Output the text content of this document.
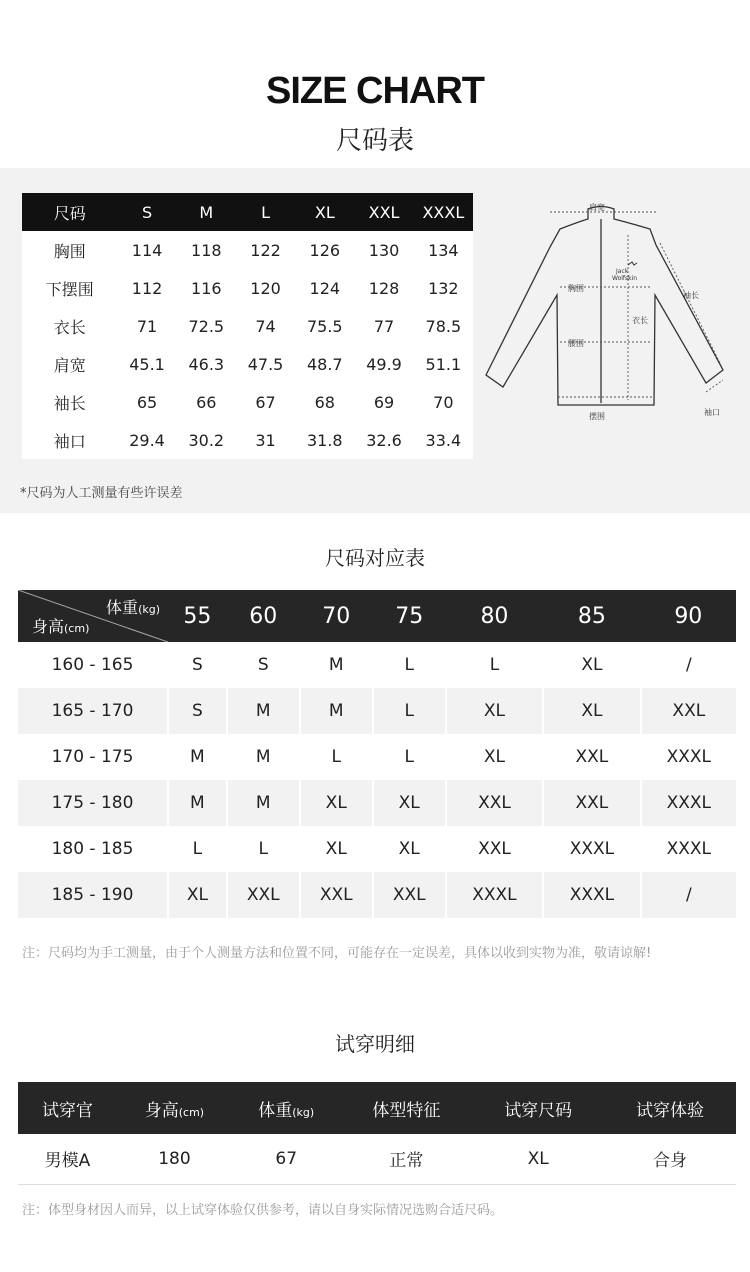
SIZE CHART
尺码表
尺码	S	M	L	XL	XXL	XXXL
胸围	114	118	122	126	130	134
下摆围	112	116	120	124	128	132
衣长	71	72.5	74	75.5	77	78.5
肩宽	45.1	46.3	47.5	48.7	49.9	51.1
袖长	65	66	67	68	69	70
袖口	29.4	30.2	31	31.8	32.6	33.4
*尺码为人工测量有些许误差
肩宽
胸围
腰围
衣长
袖长
摆围	袖口
Jack
Wolfskin
尺码对应表
体重(kg)
身高(cm)	55	60	70	75	80	85	90
160 - 165	S	S	M	L	L	XL	/
165 - 170	S	M	M	L	XL	XL	XXL
170 - 175	M	M	L	L	XL	XXL	XXXL
175 - 180	M	M	XL	XL	XXL	XXL	XXXL
180 - 185	L	L	XL	XL	XXL	XXXL	XXXL
185 - 190	XL	XXL	XXL	XXL	XXXL	XXXL	/
注：尺码均为手工测量，由于个人测量方法和位置不同，可能存在一定误差，具体以收到实物为准，敬请谅解!
试穿明细
试穿官	身高(cm)	体重(kg)	体型特征	试穿尺码	试穿体验
男模A	180	67	正常	XL	合身
注：体型身材因人而异，以上试穿体验仅供参考，请以自身实际情况选购合适尺码。
